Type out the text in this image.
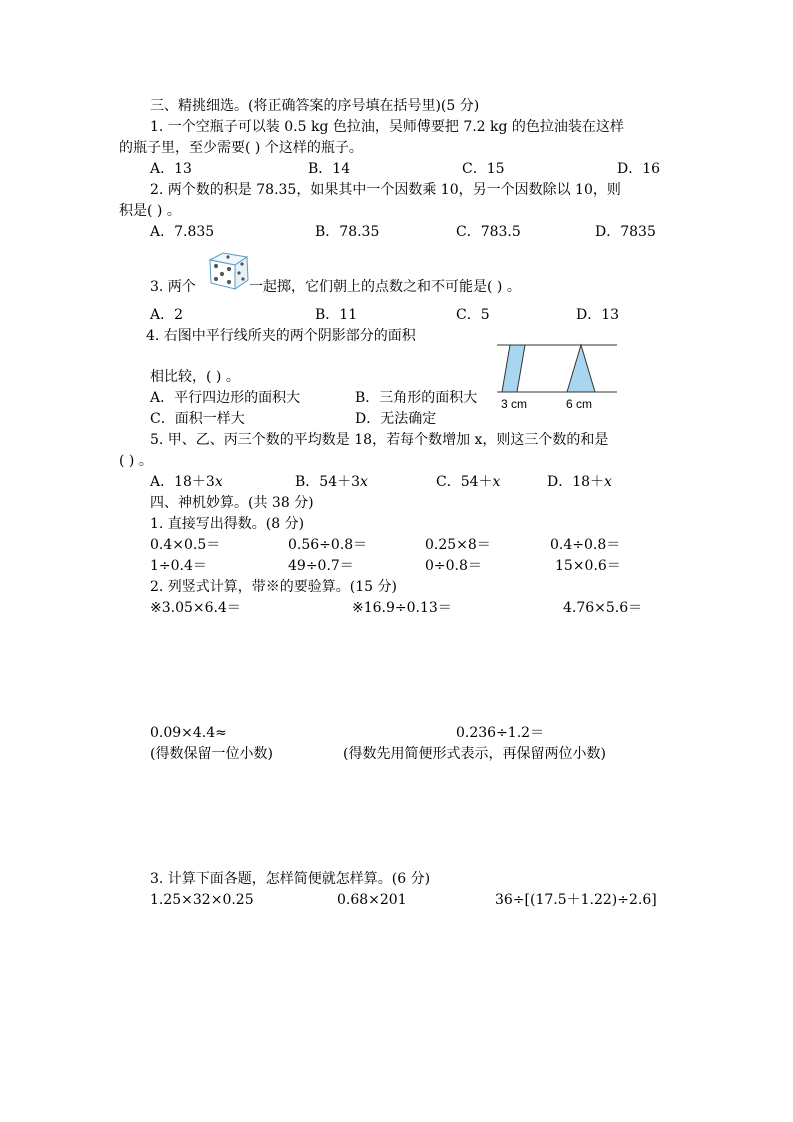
三、精挑细选。(将正确答案的序号填在括号里)(5 分)
1. 一个空瓶子可以装 0.5 kg 色拉油，吴师傅要把 7.2 kg 的色拉油装在这样
的瓶子里，至少需要( ) 个这样的瓶子。
A．13	B．14	C．15	D．16
2. 两个数的积是 78.35，如果其中一个因数乘 10，另一个因数除以 10，则
积是( ) 。
A．7.835	B．78.35	C．783.5	D．7835
3. 两个	一起掷，它们朝上的点数之和不可能是( ) 。
A．2	B．11	C．5	D．13
4. 右图中平行线所夹的两个阴影部分的面积
相比较，( ) 。
A．平行四边形的面积大	B．三角形的面积大
C．面积一样大	D．无法确定
3 cm	6 cm
5. 甲、乙、丙三个数的平均数是 18，若每个数增加 x，则这三个数的和是
( ) 。
A．18＋3x	B．54＋3x	C．54＋x	D．18＋x
四、神机妙算。(共 38 分)
1. 直接写出得数。(8 分)
0.4×0.5＝	0.56÷0.8＝	0.25×8＝	0.4÷0.8＝
1÷0.4＝	49÷0.7＝	0÷0.8＝	15×0.6＝
2. 列竖式计算，带※的要验算。(15 分)
※3.05×6.4＝	※16.9÷0.13＝	4.76×5.6＝
0.09×4.4≈	0.236÷1.2＝
(得数保留一位小数)	(得数先用简便形式表示，再保留两位小数)
3. 计算下面各题，怎样简便就怎样算。(6 分)
1.25×32×0.25	0.68×201	36÷[(17.5＋1.22)÷2.6]
